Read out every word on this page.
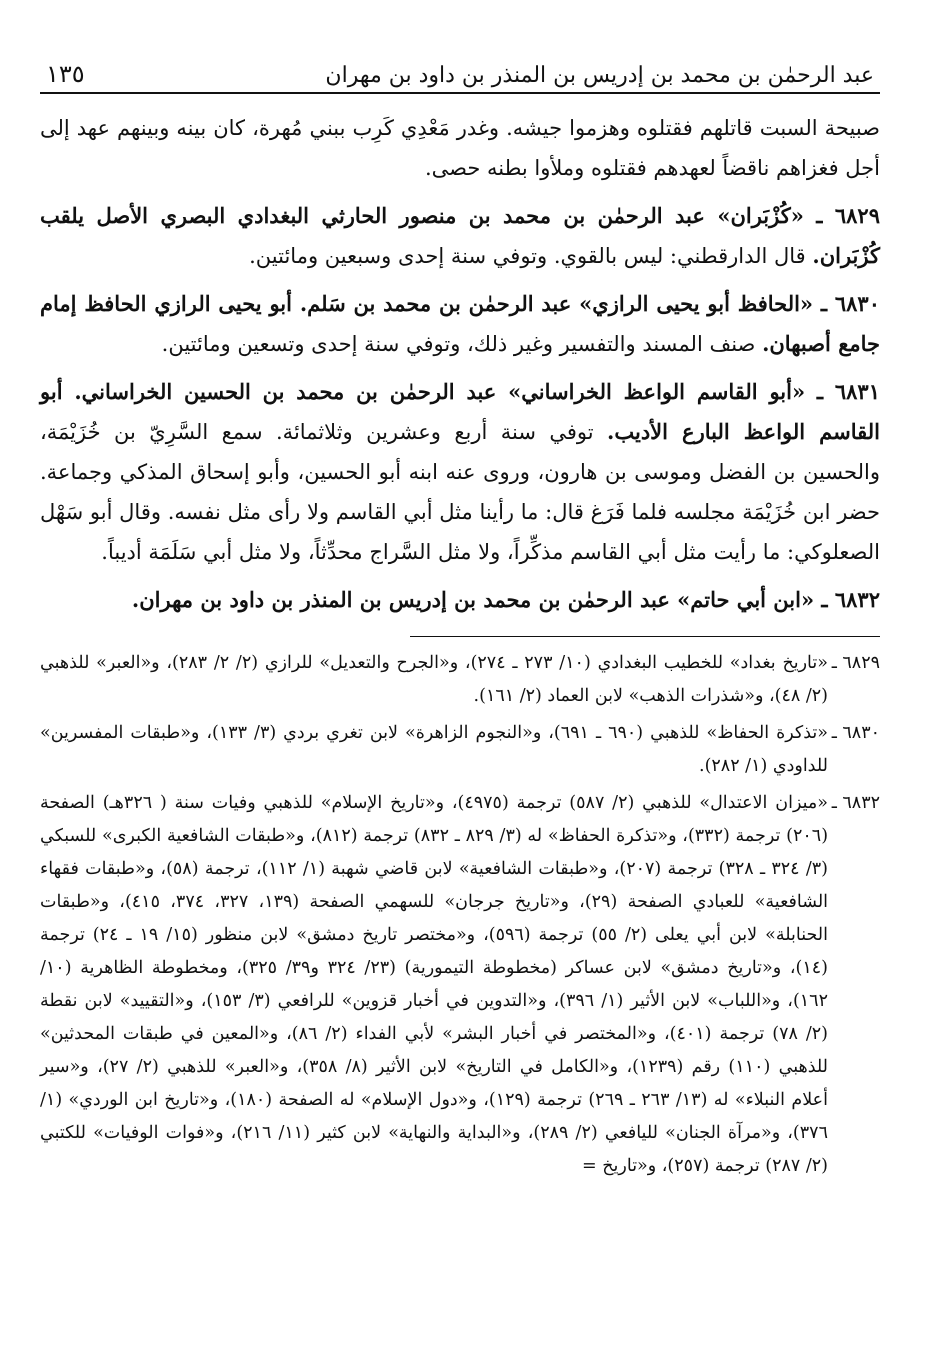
عبد الرحمٰن بن محمد بن إدريس بن المنذر بن داود بن مهران
١٣٥

صبيحة السبت قاتلهم فقتلوه وهزموا جيشه. وغدر مَعْدِي كَرِب ببني مُهرة، كان بينه وبينهم عهد إلى أجل فغزاهم ناقضاً لعهدهم فقتلوه وملأوا بطنه حصى.

٦٨٢٩ ـ «كُزْبَران» عبد الرحمٰن بن محمد بن منصور الحارثي البغدادي البصري الأصل يلقب كُزْبَران. قال الدارقطني: ليس بالقوي. وتوفي سنة إحدى وسبعين ومائتين.

٦٨٣٠ ـ «الحافظ أبو يحيى الرازي» عبد الرحمٰن بن محمد بن سَلم. أبو يحيى الرازي الحافظ إمام جامع أصبهان. صنف المسند والتفسير وغير ذلك، وتوفي سنة إحدى وتسعين ومائتين.

٦٨٣١ ـ «أبو القاسم الواعظ الخراساني» عبد الرحمٰن بن محمد بن الحسين الخراساني. أبو القاسم الواعظ البارع الأديب. توفي سنة أربع وعشرين وثلاثمائة. سمع السَّرِيّ بن خُزَيْمَة، والحسين بن الفضل وموسى بن هارون، وروى عنه ابنه أبو الحسين، وأبو إسحاق المذكي وجماعة. حضر ابن خُزَيْمَة مجلسه فلما فَرَغ قال: ما رأينا مثل أبي القاسم ولا رأى مثل نفسه. وقال أبو سَهْل الصعلوكي: ما رأيت مثل أبي القاسم مذكِّراً، ولا مثل السَّراج محدِّثاً، ولا مثل أبي سَلَمَة أديباً.

٦٨٣٢ ـ «ابن أبي حاتم» عبد الرحمٰن بن محمد بن إدريس بن المنذر بن داود بن مهران.

٦٨٢٩ ـ
«تاريخ بغداد» للخطيب البغدادي (١٠/ ٢٧٣ ـ ٢٧٤)، و«الجرح والتعديل» للرازي (٢/ ٢/ ٢٨٣)، و«العبر» للذهبي (٢/ ٤٨)، و«شذرات الذهب» لابن العماد (٢/ ١٦١).
٦٨٣٠ ـ
«تذكرة الحفاظ» للذهبي (٦٩٠ ـ ٦٩١)، و«النجوم الزاهرة» لابن تغري بردي (٣/ ١٣٣)، و«طبقات المفسرين» للداودي (١/ ٢٨٢).
٦٨٣٢ ـ
«ميزان الاعتدال» للذهبي (٢/ ٥٨٧) ترجمة (٤٩٧٥)، و«تاريخ الإسلام» للذهبي وفيات سنة ( ٣٢٦هـ) الصفحة (٢٠٦) ترجمة (٣٣٢)، و«تذكرة الحفاظ» له (٣/ ٨٢٩ ـ ٨٣٢) ترجمة (٨١٢)، و«طبقات الشافعية الكبرى» للسبكي (٣/ ٣٢٤ ـ ٣٢٨) ترجمة (٢٠٧)، و«طبقات الشافعية» لابن قاضي شهبة (١/ ١١٢)، ترجمة (٥٨)، و«طبقات فقهاء الشافعية» للعبادي الصفحة (٢٩)، و«تاريخ جرجان» للسهمي الصفحة (١٣٩، ٣٢٧، ٣٧٤، ٤١٥)، و«طبقات الحنابلة» لابن أبي يعلى (٢/ ٥٥) ترجمة (٥٩٦)، و«مختصر تاريخ دمشق» لابن منظور (١٥/ ١٩ ـ ٢٤) ترجمة (١٤)، و«تاريخ دمشق» لابن عساكر (مخطوطة التيمورية) (٢٣/ ٣٢٤ و٣٩/ ٣٢٥)، ومخطوطة الظاهرية (١٠/ ١٦٢)، و«اللباب» لابن الأثير (١/ ٣٩٦)، و«التدوين في أخبار قزوين» للرافعي (٣/ ١٥٣)، و«التقييد» لابن نقطة (٢/ ٧٨) ترجمة (٤٠١)، و«المختصر في أخبار البشر» لأبي الفداء (٢/ ٨٦)، و«المعين في طبقات المحدثين» للذهبي (١١٠) رقم (١٢٣٩)، و«الكامل في التاريخ» لابن الأثير (٨/ ٣٥٨)، و«العبر» للذهبي (٢/ ٢٧)، و«سير أعلام النبلاء» له (١٣/ ٢٦٣ ـ ٢٦٩) ترجمة (١٢٩)، و«دول الإسلام» له الصفحة (١٨٠)، و«تاريخ ابن الوردي» (١/ ٣٧٦)، و«مرآة الجنان» لليافعي (٢/ ٢٨٩)، و«البداية والنهاية» لابن كثير (١١/ ٢١٦)، و«فوات الوفيات» للكتبي (٢/ ٢٨٧) ترجمة (٢٥٧)، و«تاريخ =
